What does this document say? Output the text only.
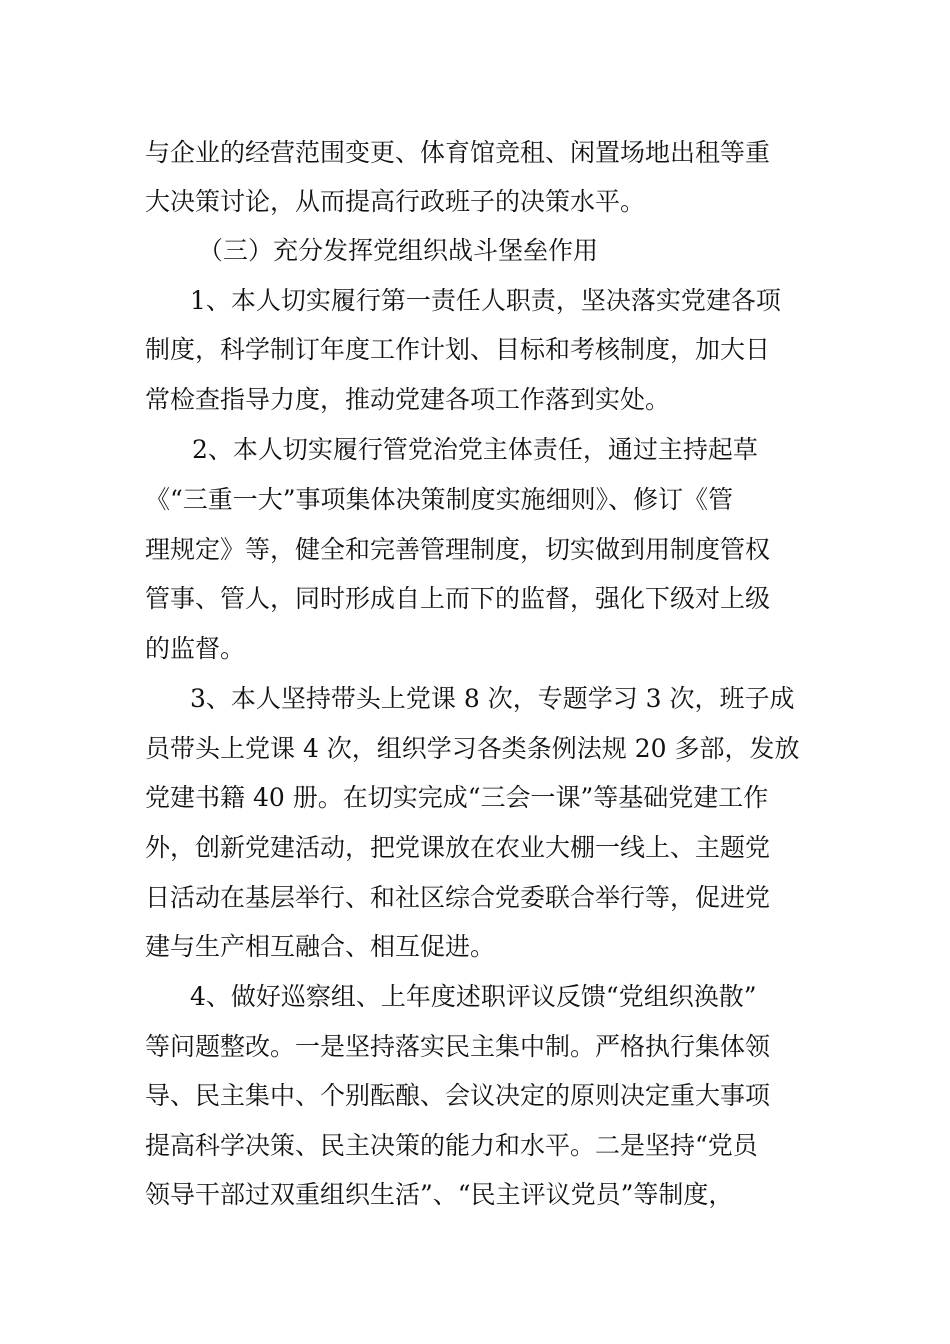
与企业的经营范围变更、体育馆竞租、闲置场地出租等重
大决策讨论，从而提高行政班子的决策水平。
（三）充分发挥党组织战斗堡垒作用
1、本人切实履行第一责任人职责，坚决落实党建各项
制度，科学制订年度工作计划、目标和考核制度，加大日
常检查指导力度，推动党建各项工作落到实处。
2、本人切实履行管党治党主体责任，通过主持起草
《“三重一大”事项集体决策制度实施细则》、修订《管
理规定》等，健全和完善管理制度，切实做到用制度管权
管事、管人，同时形成自上而下的监督，强化下级对上级
的监督。
3、本人坚持带头上党课 8 次，专题学习 3 次，班子成
员带头上党课 4 次，组织学习各类条例法规 20 多部，发放
党建书籍 40 册。在切实完成“三会一课”等基础党建工作
外，创新党建活动，把党课放在农业大棚一线上、主题党
日活动在基层举行、和社区综合党委联合举行等，促进党
建与生产相互融合、相互促进。
4、做好巡察组、上年度述职评议反馈“党组织涣散”
等问题整改。一是坚持落实民主集中制。严格执行集体领
导、民主集中、个别酝酿、会议决定的原则决定重大事项
提高科学决策、民主决策的能力和水平。二是坚持“党员
领导干部过双重组织生活”、“民主评议党员”等制度，
